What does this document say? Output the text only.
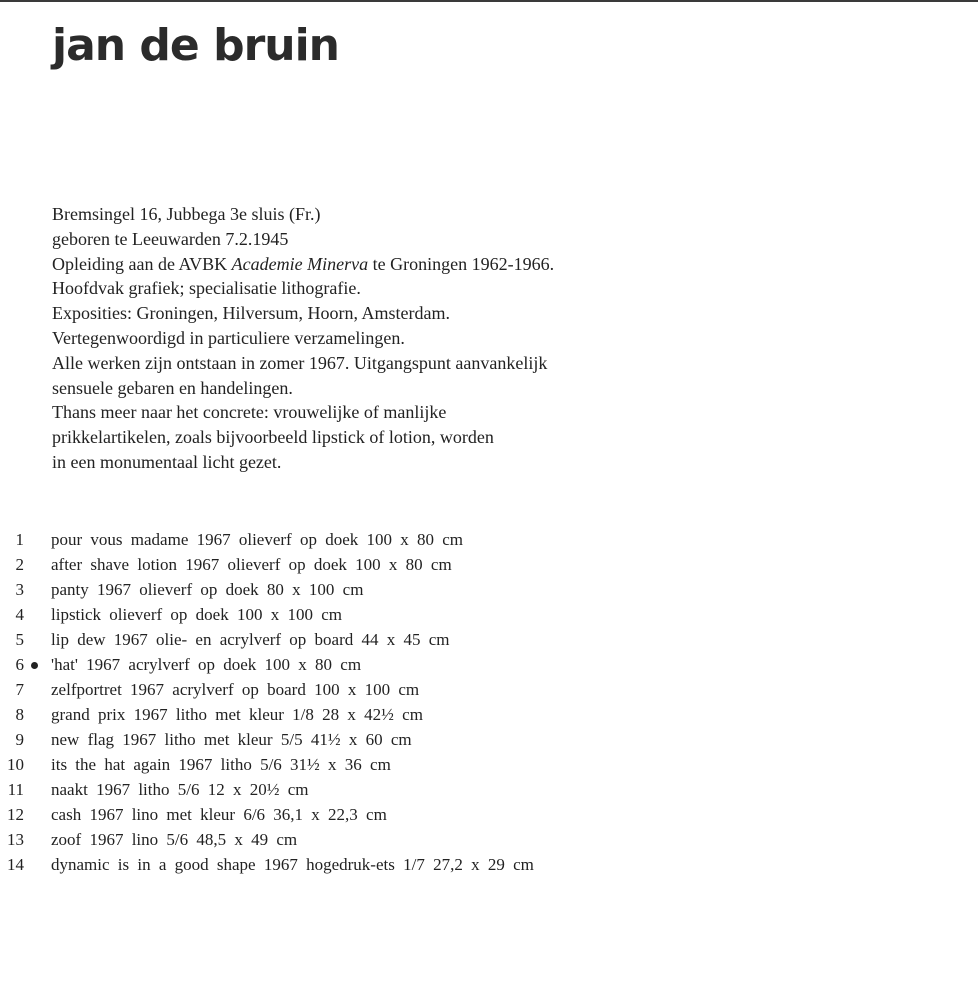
jan de bruin
Bremsingel 16, Jubbega 3e sluis (Fr.)
geboren te Leeuwarden 7.2.1945
Opleiding aan de AVBK Academie Minerva te Groningen 1962-1966.
Hoofdvak grafiek; specialisatie lithografie.
Exposities: Groningen, Hilversum, Hoorn, Amsterdam.
Vertegenwoordigd in particuliere verzamelingen.
Alle werken zijn ontstaan in zomer 1967. Uitgangspunt aanvankelijk
sensuele gebaren en handelingen.
Thans meer naar het concrete: vrouwelijke of manlijke
prikkelartikelen, zoals bijvoorbeeld lipstick of lotion, worden
in een monumentaal licht gezet.
1 pour vous madame 1967 olieverf op doek 100 x 80 cm
2 after shave lotion 1967 olieverf op doek 100 x 80 cm
3 panty 1967 olieverf op doek 80 x 100 cm
4 lipstick olieverf op doek 100 x 100 cm
5 lip dew 1967 olie- en acrylverf op board 44 x 45 cm
6 'hat' 1967 acrylverf op doek 100 x 80 cm
7 zelfportret 1967 acrylverf op board 100 x 100 cm
8 grand prix 1967 litho met kleur 1/8 28 x 42½ cm
9 new flag 1967 litho met kleur 5/5 41½ x 60 cm
10 its the hat again 1967 litho 5/6 31½ x 36 cm
11 naakt 1967 litho 5/6 12 x 20½ cm
12 cash 1967 lino met kleur 6/6 36,1 x 22,3 cm
13 zoof 1967 lino 5/6 48,5 x 49 cm
14 dynamic is in a good shape 1967 hogedruk-ets 1/7 27,2 x 29 cm
